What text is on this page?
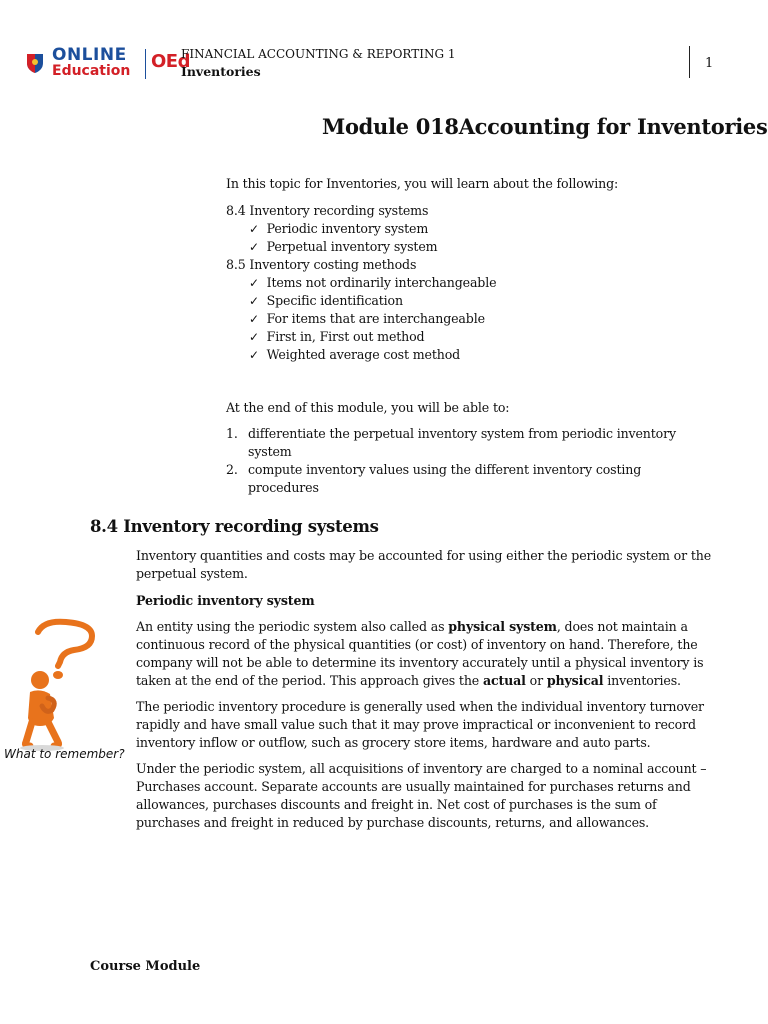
ONLINE
Education OEd
FINANCIAL ACCOUNTING & REPORTING 1
Inventories
1
Module 018Accounting for Inventories
In this topic for Inventories, you will learn about the following:
8.4 Inventory recording systems
✓ Periodic inventory system
✓ Perpetual inventory system
8.5 Inventory costing methods
✓ Items not ordinarily interchangeable
✓ Specific identification
✓ For items that are interchangeable
✓ First in, First out method
✓ Weighted average cost method
At the end of this module, you will be able to:
1. differentiate the perpetual inventory system from periodic inventory
system
2. compute inventory values using the different inventory costing
procedures
8.4 Inventory recording systems
Inventory quantities and costs may be accounted for using either the periodic system or the
perpetual system.
Periodic inventory system
An entity using the periodic system also called as physical system, does not maintain a
continuous record of the physical quantities (or cost) of inventory on hand. Therefore, the
company will not be able to determine its inventory accurately until a physical inventory is
taken at the end of the period. This approach gives the actual or physical inventories.
The periodic inventory procedure is generally used when the individual inventory turnover
rapidly and have small value such that it may prove impractical or inconvenient to record
inventory inflow or outflow, such as grocery store items, hardware and auto parts.
Under the periodic system, all acquisitions of inventory are charged to a nominal account –
Purchases account. Separate accounts are usually maintained for purchases returns and
allowances, purchases discounts and freight in. Net cost of purchases is the sum of
purchases and freight in reduced by purchase discounts, returns, and allowances.
What to remember?
Course Module
